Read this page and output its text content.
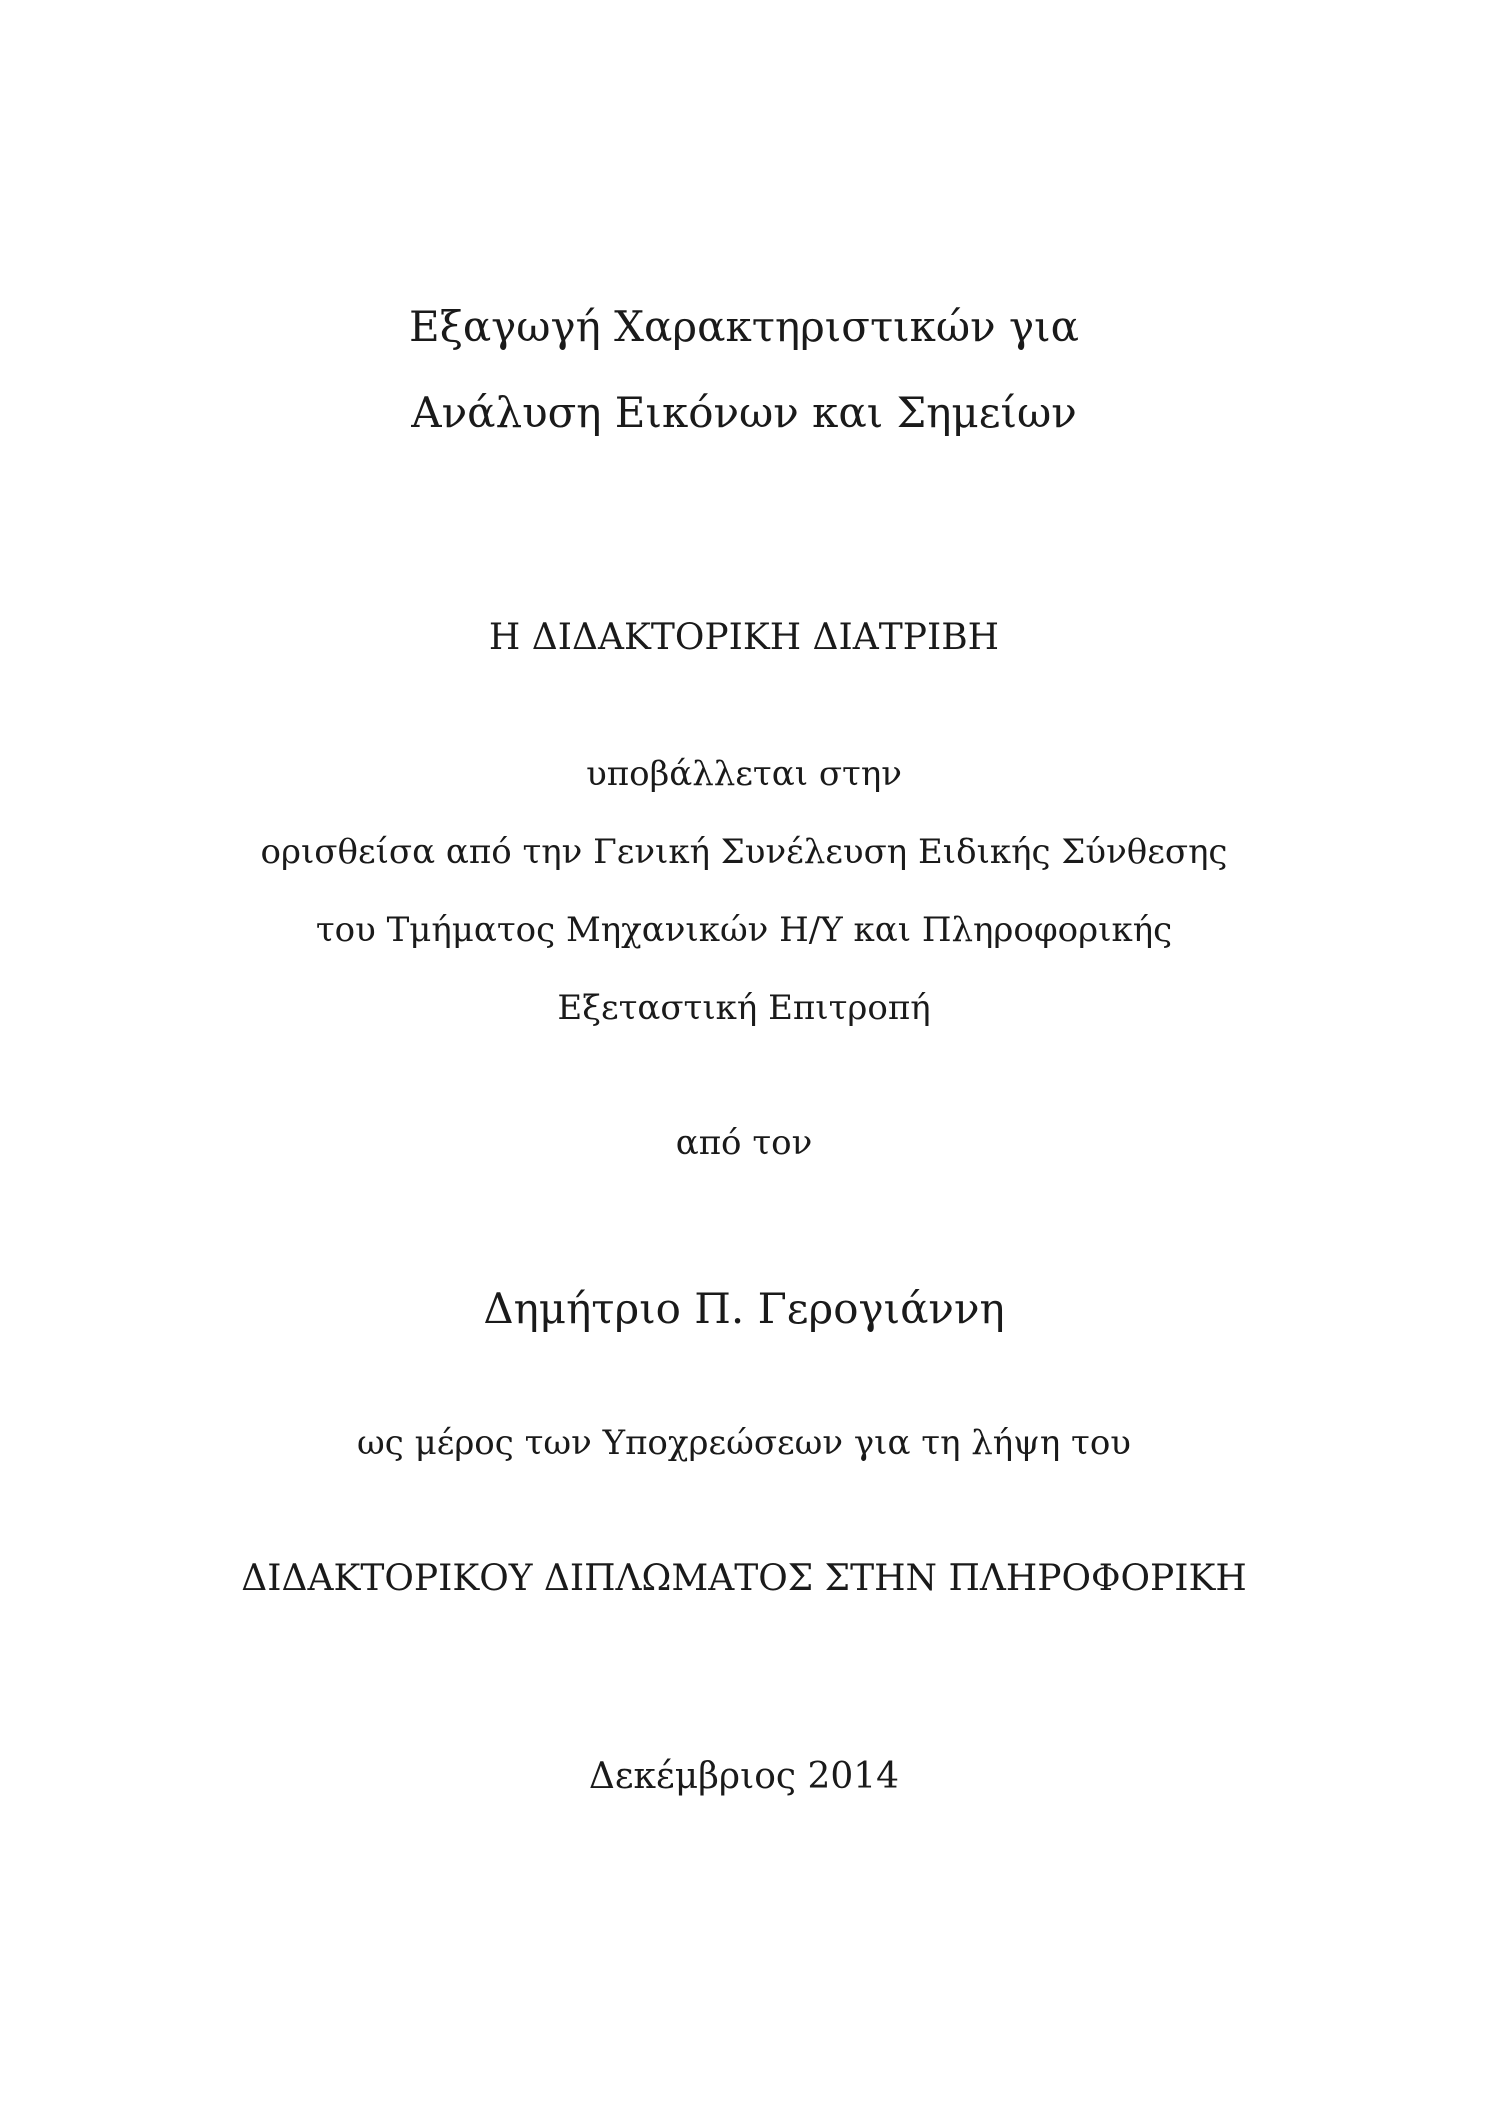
Εξαγωγή Χαρακτηριστικών για
Ανάλυση Εικόνων και Σημείων
Η ΔΙΔΑΚΤΟΡΙΚΗ ΔΙΑΤΡΙΒΗ
υποβάλλεται στην
ορισθείσα από την Γενική Συνέλευση Ειδικής Σύνθεσης
του Τμήματος Μηχανικών Η/Υ και Πληροφορικής
Εξεταστική Επιτροπή
από τον
Δημήτριο Π. Γερογιάννη
ως μέρος των Υποχρεώσεων για τη λήψη του
ΔΙΔΑΚΤΟΡΙΚΟΥ ΔΙΠΛΩΜΑΤΟΣ ΣΤΗΝ ΠΛΗΡΟΦΟΡΙΚΗ
Δεκέμβριος 2014
